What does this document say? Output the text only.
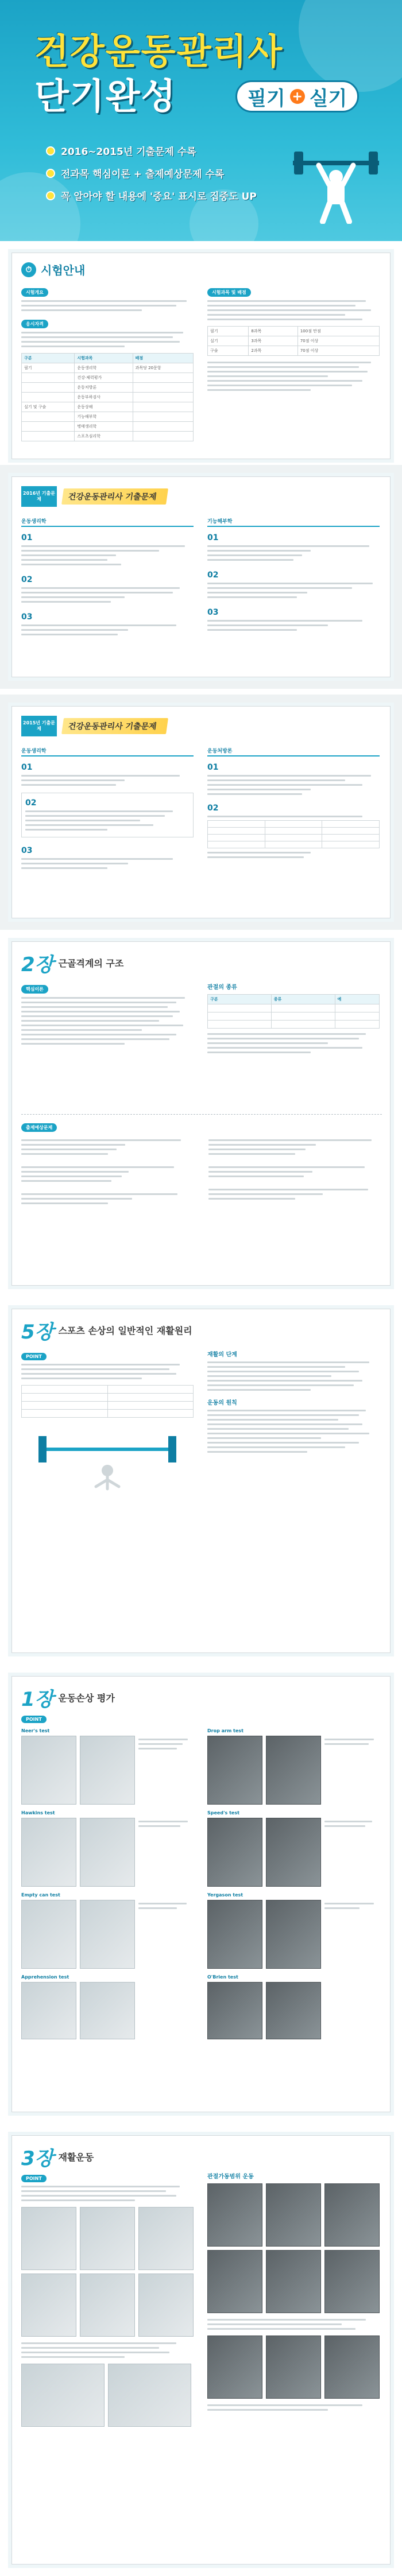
건강운동관리사
단기완성	필기 + 실기
2016~2015년 기출문제 수록
전과목 핵심이론 + 출제예상문제 수록
꼭 알아야 할 내용에 '중요' 표시로 집중도 UP
⏱ 시험안내
시험개요
응시자격
구분	시험과목	배점
필기	운동생리학	과목당 20문항
	건강·체력평가	
	운동처방론	
	운동부하검사	
실기 및 구술	운동상해	
	기능해부학	
	병태생리학	
	스포츠심리학	
시험과목 및 배점
필기	8과목	100점 만점
실기	3과목	70점 이상
구술	2과목	70점 이상
2016년 기출문제	건강운동관리사 기출문제
운동생리학
01
02
03
기능해부학
01
02
03
2015년 기출문제	건강운동관리사 기출문제
운동생리학
01
02
03
운동처방론
01
02

2장 근골격계의 구조
핵심이론	관절의 종류
구분	종류	예

출제예상문제
5장 스포츠 손상의 일반적인 재활원리
POINT

		재활의 단계
운동의 원칙
1장 운동손상 평가
POINT
Neer's test
Hawkins test
Empty can test
Apprehension test
Drop arm test
Speed's test
Yergason test
O'Brien test
3장 재활운동
POINT	관절가동범위 운동
